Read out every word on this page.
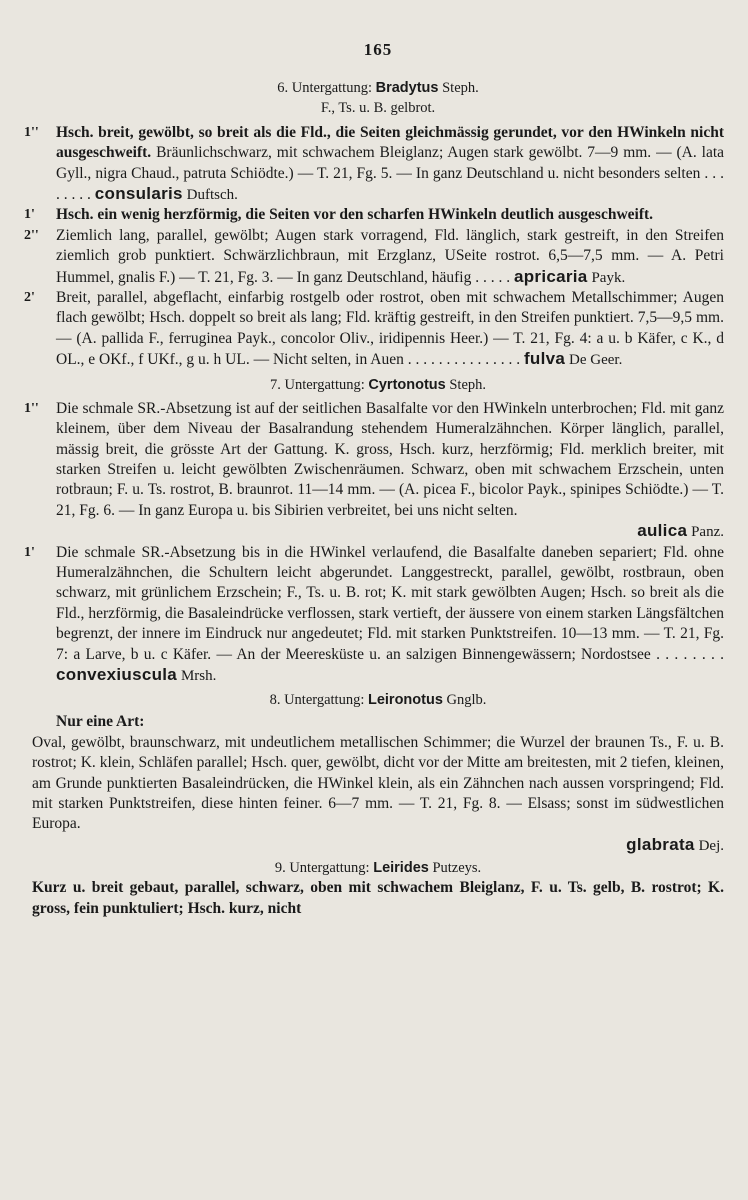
165

6. Untergattung: Bradytus Steph.

F., Ts. u. B. gelbrot.

1'' Hsch. breit, gewölbt, so breit als die Fld., die Seiten gleichmässig gerundet, vor den HWinkeln nicht ausgeschweift. Bräunlichschwarz, mit schwachem Bleiglanz; Augen stark gewölbt. 7—9 mm. — (A. lata Gyll., nigra Chaud., patruta Schiödte.) — T. 21, Fg. 5. — In ganz Deutschland u. nicht besonders selten . . . . . . . . consularis Duftsch.
1' Hsch. ein wenig herzförmig, die Seiten vor den scharfen HWinkeln deutlich ausgeschweift.
2'' Ziemlich lang, parallel, gewölbt; Augen stark vorragend, Fld. länglich, stark gestreift, in den Streifen ziemlich grob punktiert. Schwärzlichbraun, mit Erzglanz, USeite rostrot. 6,5—7,5 mm. — A. Petri Hummel, gnalis F.) — T. 21, Fg. 3. — In ganz Deutschland, häufig . . . . . apricaria Payk.
2' Breit, parallel, abgeflacht, einfarbig rostgelb oder rostrot, oben mit schwachem Metallschimmer; Augen flach gewölbt; Hsch. doppelt so breit als lang; Fld. kräftig gestreift, in den Streifen punktiert. 7,5—9,5 mm. — (A. pallida F., ferruginea Payk., concolor Oliv., iridipennis Heer.) — T. 21, Fg. 4: a u. b Käfer, c K., d OL., e OKf., f UKf., g u. h UL. — Nicht selten, in Auen . . . . . . . . . . . . . . . fulva De Geer.

7. Untergattung: Cyrtonotus Steph.

1'' Die schmale SR.-Absetzung ist auf der seitlichen Basalfalte vor den HWinkeln unterbrochen; Fld. mit ganz kleinem, über dem Niveau der Basalrandung stehendem Humeralzähnchen. Körper länglich, parallel, mässig breit, die grösste Art der Gattung. K. gross, Hsch. kurz, herzförmig; Fld. merklich breiter, mit starken Streifen u. leicht gewölbten Zwischenräumen. Schwarz, oben mit schwachem Erzschein, unten rotbraun; F. u. Ts. rostrot, B. braunrot. 11—14 mm. — (A. picea F., bicolor Payk., spinipes Schiödte.) — T. 21, Fg. 6. — In ganz Europa u. bis Sibirien verbreitet, bei uns nicht selten.
aulica Panz.
1' Die schmale SR.-Absetzung bis in die HWinkel verlaufend, die Basalfalte daneben separiert; Fld. ohne Humeralzähnchen, die Schultern leicht abgerundet. Langgestreckt, parallel, gewölbt, rostbraun, oben schwarz, mit grünlichem Erzschein; F., Ts. u. B. rot; K. mit stark gewölbten Augen; Hsch. so breit als die Fld., herzförmig, die Basaleindrücke verflossen, stark vertieft, der äussere von einem starken Längsfältchen begrenzt, der innere im Eindruck nur angedeutet; Fld. mit starken Punktstreifen. 10—13 mm. — T. 21, Fg. 7: a Larve, b u. c Käfer. — An der Meeresküste u. an salzigen Binnengewässern; Nordostsee . . . . . . . . convexiuscula Mrsh.

8. Untergattung: Leironotus Gnglb.

Nur eine Art:

Oval, gewölbt, braunschwarz, mit undeutlichem metallischen Schimmer; die Wurzel der braunen Ts., F. u. B. rostrot; K. klein, Schläfen parallel; Hsch. quer, gewölbt, dicht vor der Mitte am breitesten, mit 2 tiefen, kleinen, am Grunde punktierten Basaleindrücken, die HWinkel klein, als ein Zähnchen nach aussen vorspringend; Fld. mit starken Punktstreifen, diese hinten feiner. 6—7 mm. — T. 21, Fg. 8. — Elsass; sonst im südwestlichen Europa.

glabrata Dej.

9. Untergattung: Leirides Putzeys.

Kurz u. breit gebaut, parallel, schwarz, oben mit schwachem Bleiglanz, F. u. Ts. gelb, B. rostrot; K. gross, fein punktuliert; Hsch. kurz, nicht
